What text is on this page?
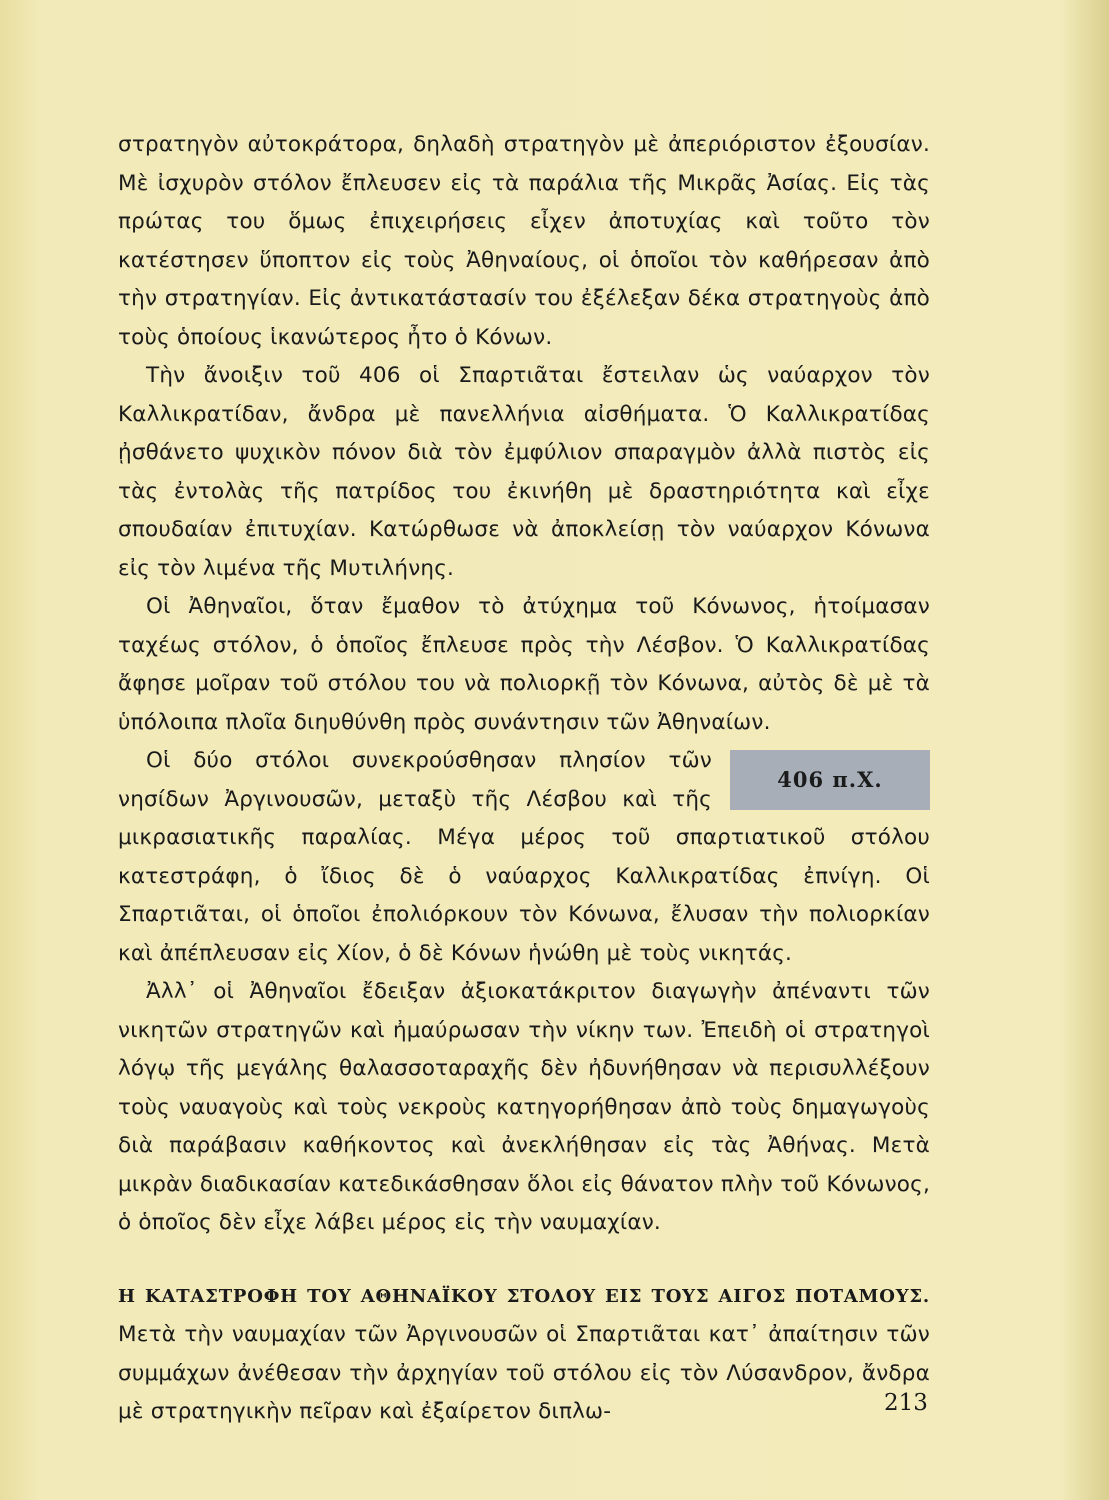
στρατηγὸν αὐτοκράτορα, δηλαδὴ στρατηγὸν μὲ ἀπεριόριστον ἐξουσίαν. Μὲ ἰσχυρὸν στόλον ἔπλευσεν εἰς τὰ παράλια τῆς Μικρᾶς Ἀσίας. Εἰς τὰς πρώτας του ὅμως ἐπιχειρήσεις εἶχεν ἀποτυχίας καὶ τοῦτο τὸν κατέστησεν ὕποπτον εἰς τοὺς Ἀθηναίους, οἱ ὁποῖοι τὸν καθήρεσαν ἀπὸ τὴν στρατηγίαν. Εἰς ἀντικατάστασίν του ἐξέλεξαν δέκα στρατηγοὺς ἀπὸ τοὺς ὁποίους ἱκανώτερος ἦτο ὁ Κόνων.

Τὴν ἄνοιξιν τοῦ 406 οἱ Σπαρτιᾶται ἔστειλαν ὡς ναύαρχον τὸν Καλλικρατίδαν, ἄνδρα μὲ πανελλήνια αἰσθήματα. Ὁ Καλλικρατίδας ᾐσθάνετο ψυχικὸν πόνον διὰ τὸν ἐμφύλιον σπαραγμὸν ἀλλὰ πιστὸς εἰς τὰς ἐντολὰς τῆς πατρίδος του ἐκινήθη μὲ δραστηριότητα καὶ εἶχε σπουδαίαν ἐπιτυχίαν. Κατώρθωσε νὰ ἀποκλείσῃ τὸν ναύαρχον Κόνωνα εἰς τὸν λιμένα τῆς Μυτιλήνης.

Οἱ Ἀθηναῖοι, ὅταν ἔμαθον τὸ ἀτύχημα τοῦ Κόνωνος, ἡτοίμασαν ταχέως στόλον, ὁ ὁποῖος ἔπλευσε πρὸς τὴν Λέσβον. Ὁ Καλλικρατίδας ἄφησε μοῖραν τοῦ στόλου του νὰ πολιορκῇ τὸν Κόνωνα, αὐτὸς δὲ μὲ τὰ ὑπόλοιπα πλοῖα διηυθύνθη πρὸς συνάντησιν τῶν Ἀθηναίων.

406 π.Χ.

Οἱ δύο στόλοι συνεκρούσθησαν πλησίον τῶν νησίδων Ἀργινουσῶν, μεταξὺ τῆς Λέσβου καὶ τῆς μικρασιατικῆς παραλίας. Μέγα μέρος τοῦ σπαρτιατικοῦ στόλου κατεστράφη, ὁ ἴδιος δὲ ὁ ναύαρχος Καλλικρατίδας ἐπνίγη. Οἱ Σπαρτιᾶται, οἱ ὁποῖοι ἐπολιόρκουν τὸν Κόνωνα, ἔλυσαν τὴν πολιορκίαν καὶ ἀπέπλευσαν εἰς Χίον, ὁ δὲ Κόνων ἡνώθη μὲ τοὺς νικητάς.

Ἀλλ᾽ οἱ Ἀθηναῖοι ἔδειξαν ἀξιοκατάκριτον διαγωγὴν ἀπέναντι τῶν νικητῶν στρατηγῶν καὶ ἠμαύρωσαν τὴν νίκην των. Ἐπειδὴ οἱ στρατηγοὶ λόγῳ τῆς μεγάλης θαλασσοταραχῆς δὲν ἠδυνήθησαν νὰ περισυλλέξουν τοὺς ναυαγοὺς καὶ τοὺς νεκροὺς κατηγορήθησαν ἀπὸ τοὺς δημαγωγοὺς διὰ παράβασιν καθήκοντος καὶ ἀνεκλήθησαν εἰς τὰς Ἀθήνας. Μετὰ μικρὰν διαδικασίαν κατεδικάσθησαν ὅλοι εἰς θάνατον πλὴν τοῦ Κόνωνος, ὁ ὁποῖος δὲν εἶχε λάβει μέρος εἰς τὴν ναυμαχίαν.

Η ΚΑΤΑΣΤΡΟΦΗ ΤΟΥ ΑΘΗΝΑΪΚΟΥ ΣΤΟΛΟΥ ΕΙΣ ΤΟΥΣ ΑΙΓΟΣ ΠΟΤΑΜΟΥΣ. Μετὰ τὴν ναυμαχίαν τῶν Ἀργινουσῶν οἱ Σπαρτιᾶται κατ᾽ ἀπαίτησιν τῶν συμμάχων ἀνέθεσαν τὴν ἀρχηγίαν τοῦ στόλου εἰς τὸν Λύσανδρον, ἄνδρα μὲ στρατηγικὴν πεῖραν καὶ ἐξαίρετον διπλω-	213
